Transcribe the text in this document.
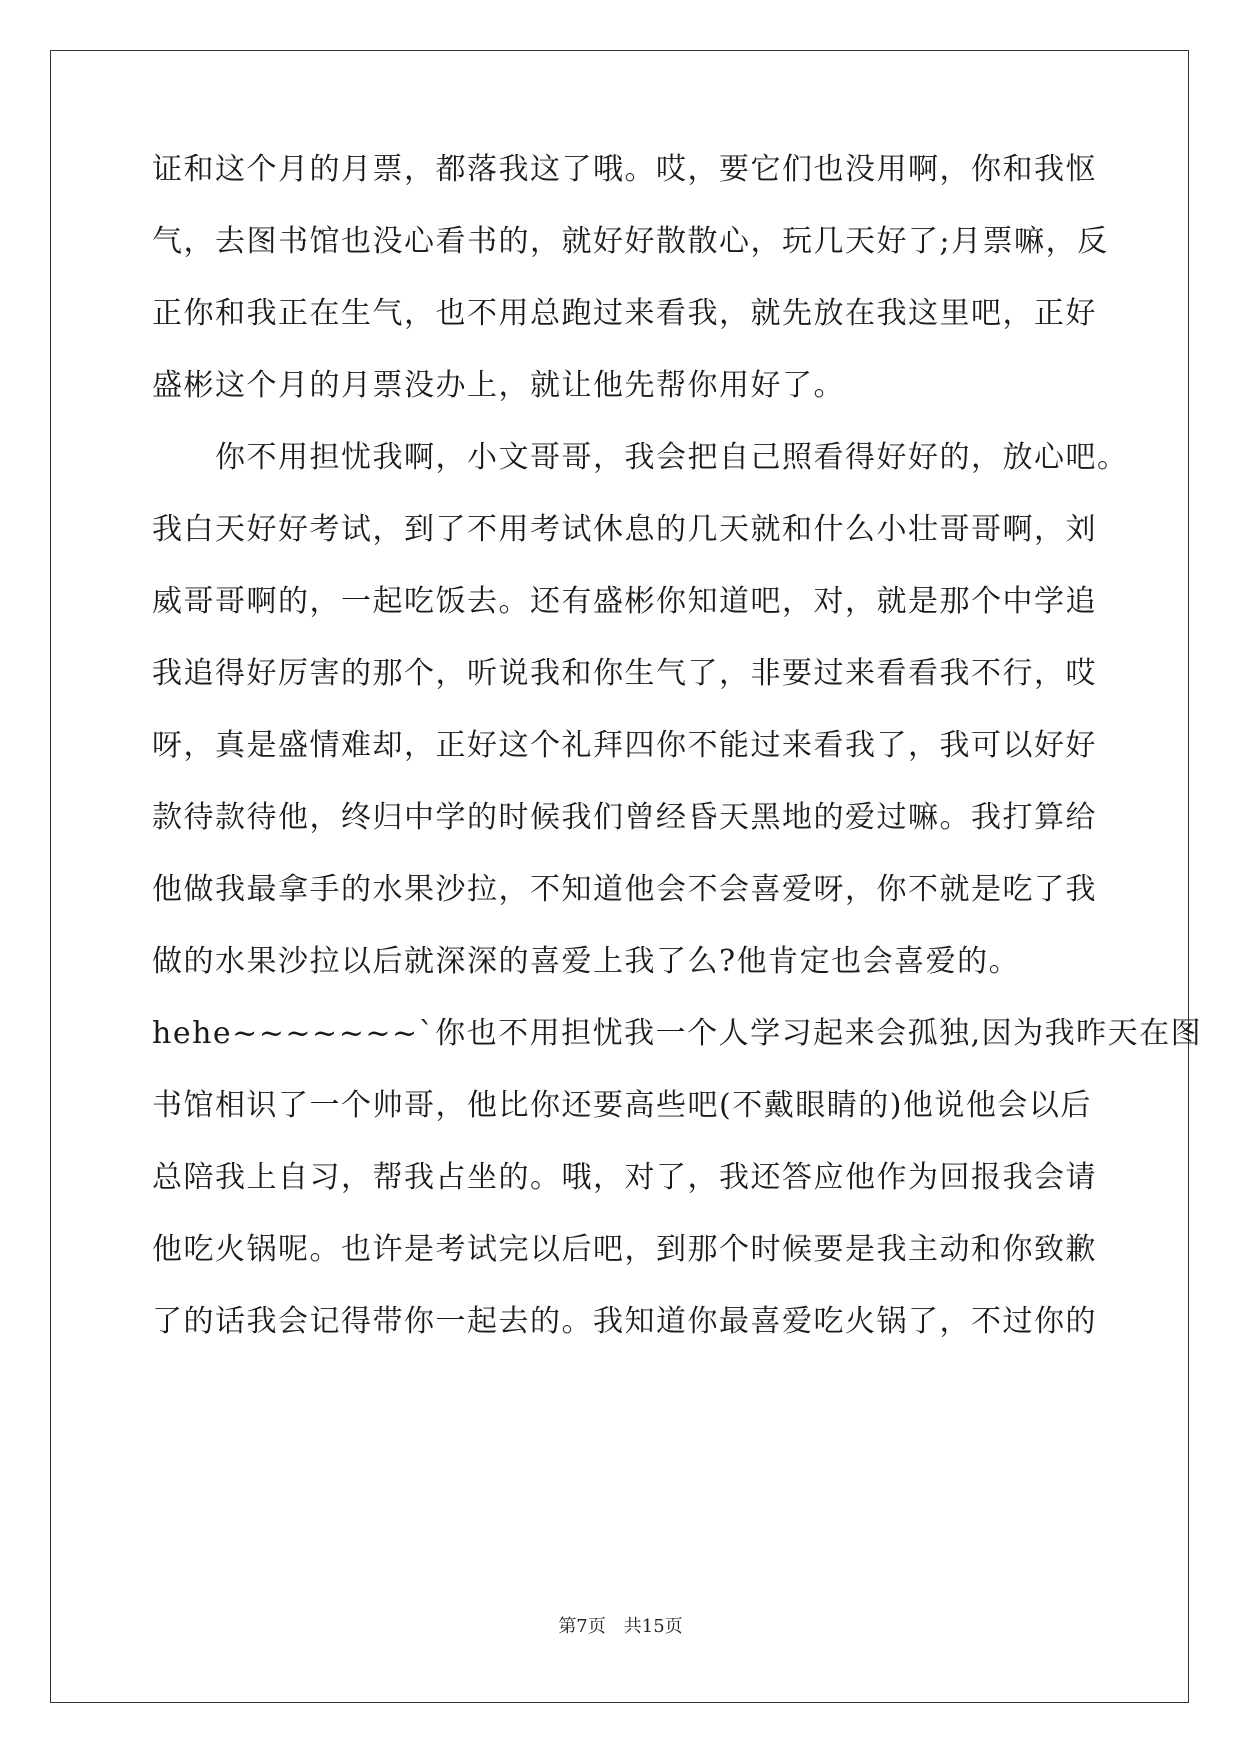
证和这个月的月票，都落我这了哦。哎，要它们也没用啊，你和我怄
气，去图书馆也没心看书的，就好好散散心，玩几天好了;月票嘛，反
正你和我正在生气，也不用总跑过来看我，就先放在我这里吧，正好
盛彬这个月的月票没办上，就让他先帮你用好了。
　　你不用担忧我啊，小文哥哥，我会把自己照看得好好的，放心吧。
我白天好好考试，到了不用考试休息的几天就和什么小壮哥哥啊，刘
威哥哥啊的，一起吃饭去。还有盛彬你知道吧，对，就是那个中学追
我追得好厉害的那个，听说我和你生气了，非要过来看看我不行，哎
呀，真是盛情难却，正好这个礼拜四你不能过来看我了，我可以好好
款待款待他，终归中学的时候我们曾经昏天黑地的爱过嘛。我打算给
他做我最拿手的水果沙拉，不知道他会不会喜爱呀，你不就是吃了我
做的水果沙拉以后就深深的喜爱上我了么?他肯定也会喜爱的。
hehe~~~~~~~`你也不用担忧我一个人学习起来会孤独,因为我昨天在图
书馆相识了一个帅哥，他比你还要高些吧(不戴眼睛的)他说他会以后
总陪我上自习，帮我占坐的。哦，对了，我还答应他作为回报我会请
他吃火锅呢。也许是考试完以后吧，到那个时候要是我主动和你致歉
了的话我会记得带你一起去的。我知道你最喜爱吃火锅了，不过你的
第7页 共15页
